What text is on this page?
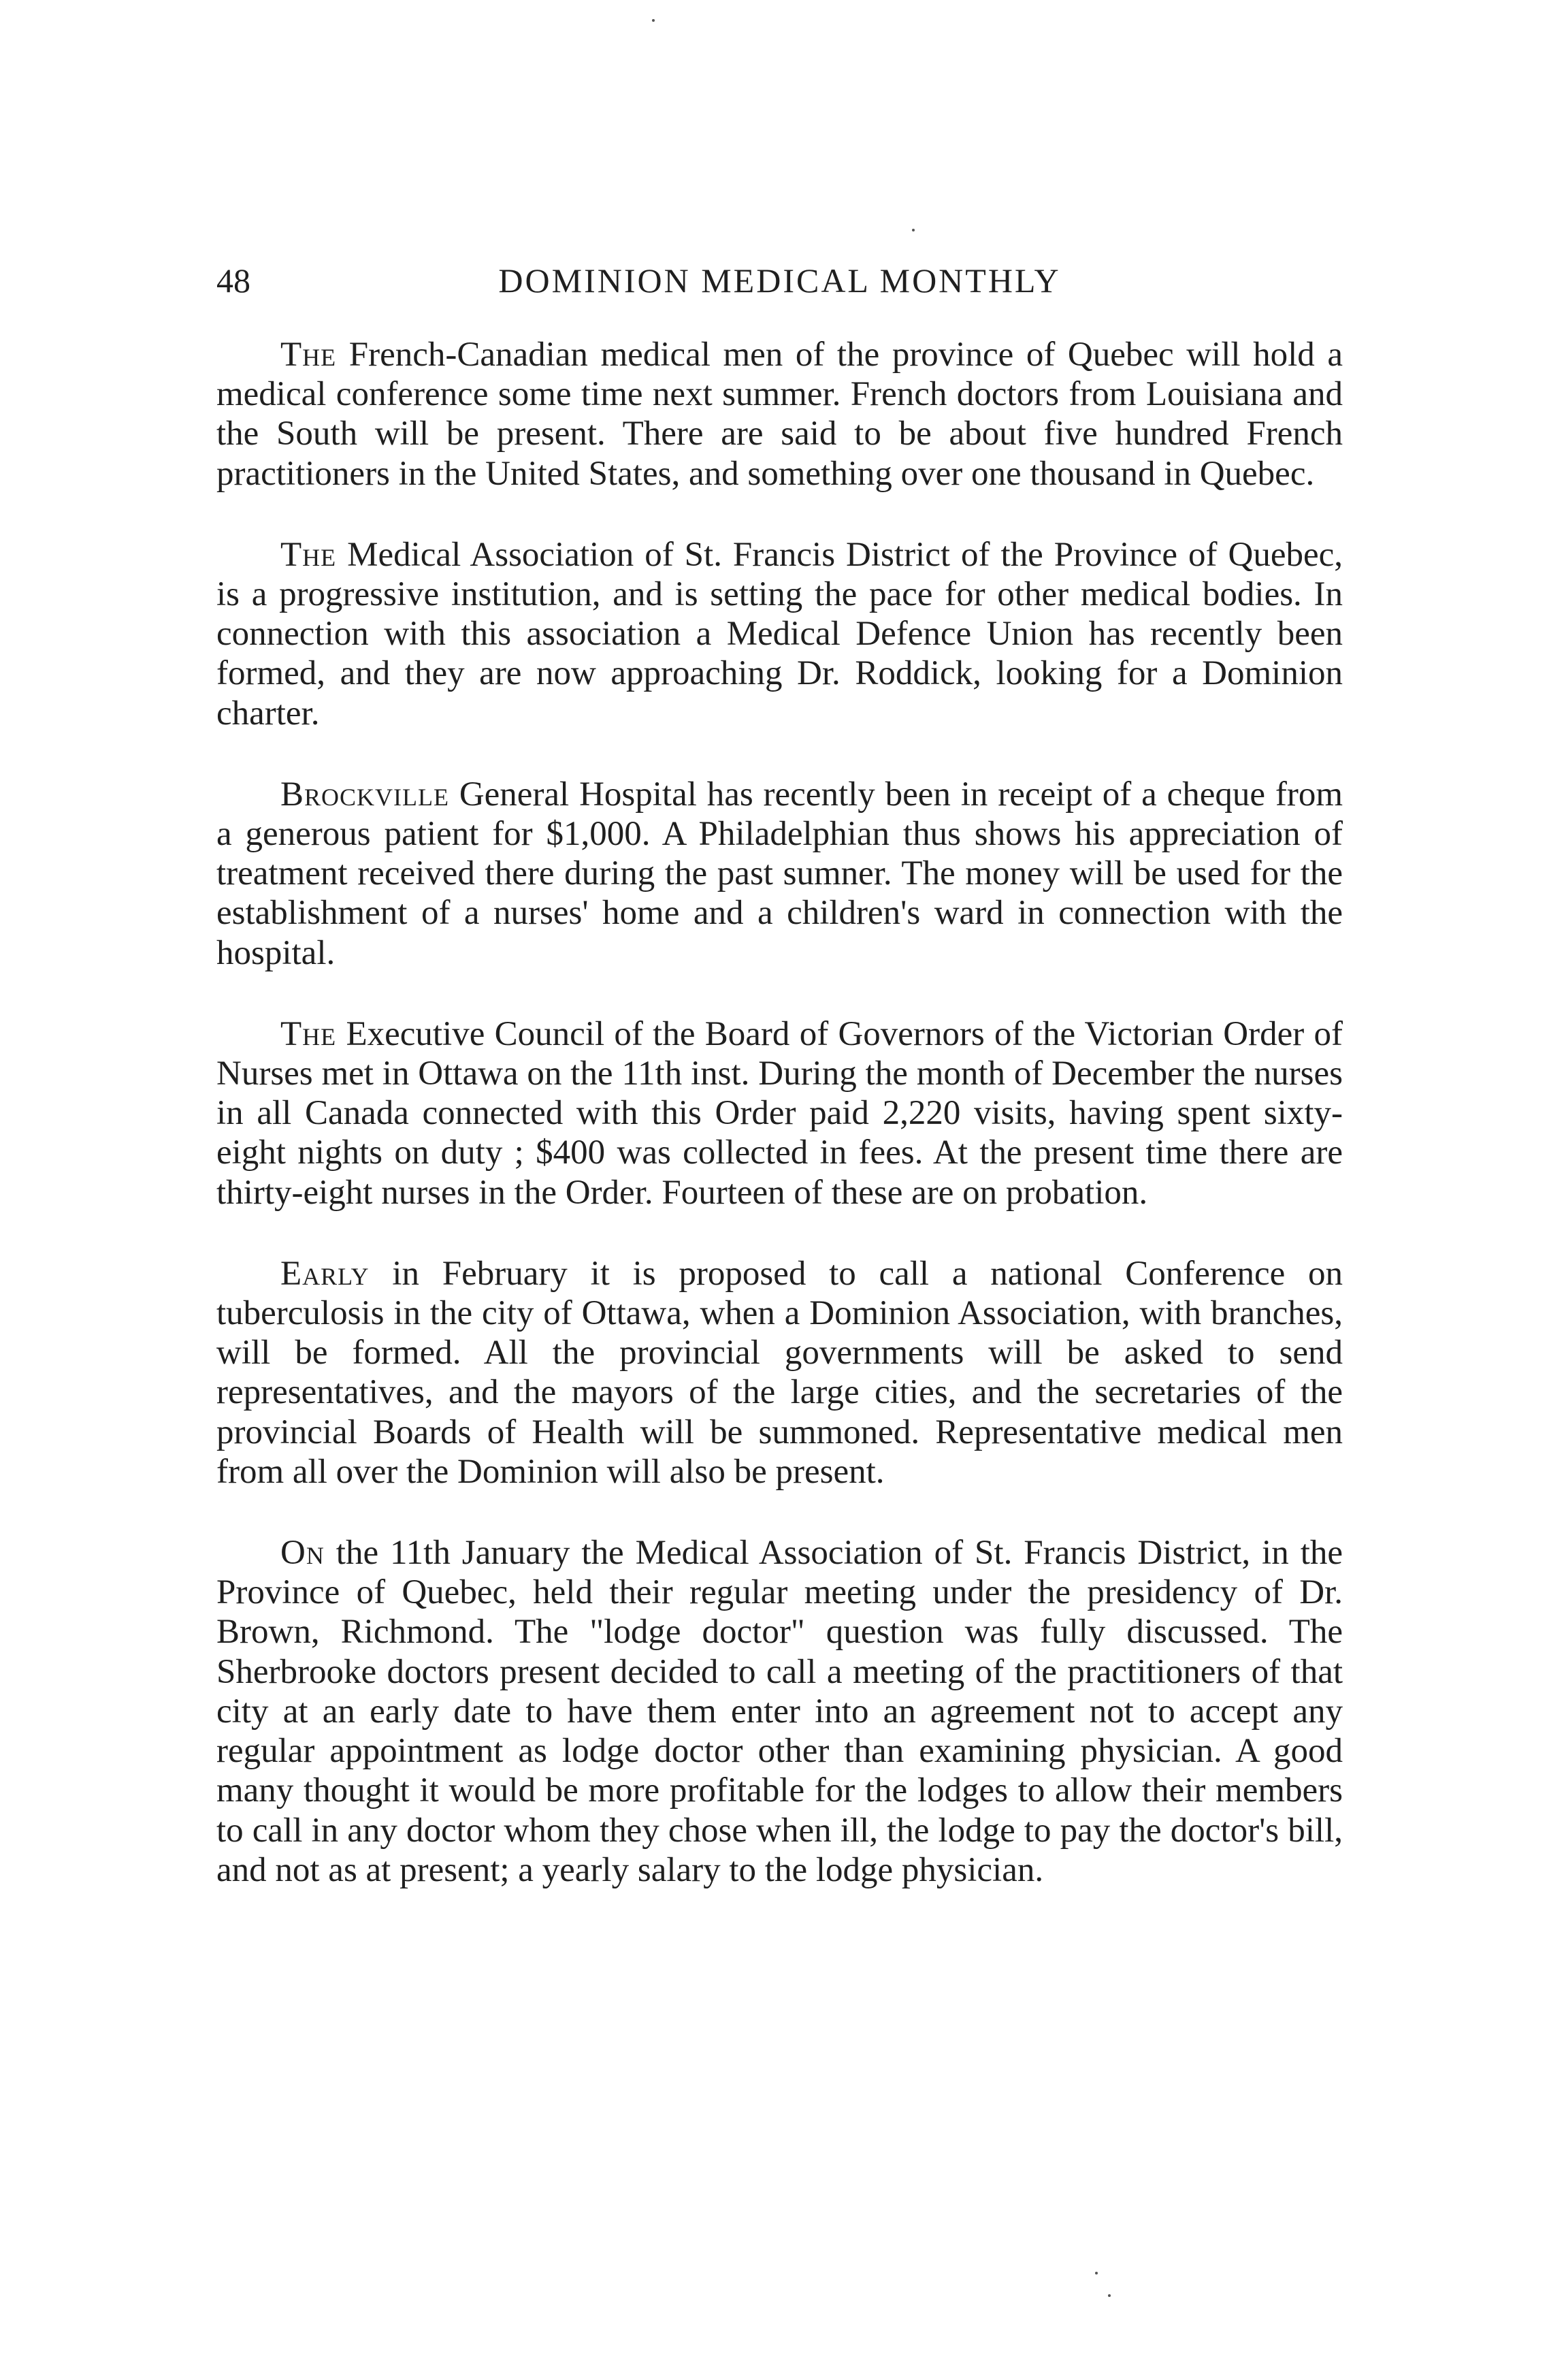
48	DOMINION MEDICAL MONTHLY

The French-Canadian medical men of the province of Quebec will hold a medical conference some time next summer. French doctors from Louisiana and the South will be present. There are said to be about five hundred French practitioners in the United States, and something over one thousand in Quebec.

The Medical Association of St. Francis District of the Province of Quebec, is a progressive institution, and is setting the pace for other medical bodies. In connection with this association a Medical Defence Union has recently been formed, and they are now approaching Dr. Roddick, looking for a Dominion charter.

Brockville General Hospital has recently been in receipt of a cheque from a generous patient for $1,000. A Philadelphian thus shows his appreciation of treatment received there during the past sumner. The money will be used for the establishment of a nurses' home and a children's ward in connection with the hospital.

The Executive Council of the Board of Governors of the Victorian Order of Nurses met in Ottawa on the 11th inst. During the month of December the nurses in all Canada connected with this Order paid 2,220 visits, having spent sixty-eight nights on duty ; $400 was collected in fees. At the present time there are thirty-eight nurses in the Order. Fourteen of these are on probation.

Early in February it is proposed to call a national Conference on tuberculosis in the city of Ottawa, when a Dominion Association, with branches, will be formed. All the provincial governments will be asked to send representatives, and the mayors of the large cities, and the secretaries of the provincial Boards of Health will be summoned. Representative medical men from all over the Dominion will also be present.

On the 11th January the Medical Association of St. Francis District, in the Province of Quebec, held their regular meeting under the presidency of Dr. Brown, Richmond. The "lodge doctor" question was fully discussed. The Sherbrooke doctors present decided to call a meeting of the practitioners of that city at an early date to have them enter into an agreement not to accept any regular appointment as lodge doctor other than examining physician. A good many thought it would be more profitable for the lodges to allow their members to call in any doctor whom they chose when ill, the lodge to pay the doctor's bill, and not as at present; a yearly salary to the lodge physician.
